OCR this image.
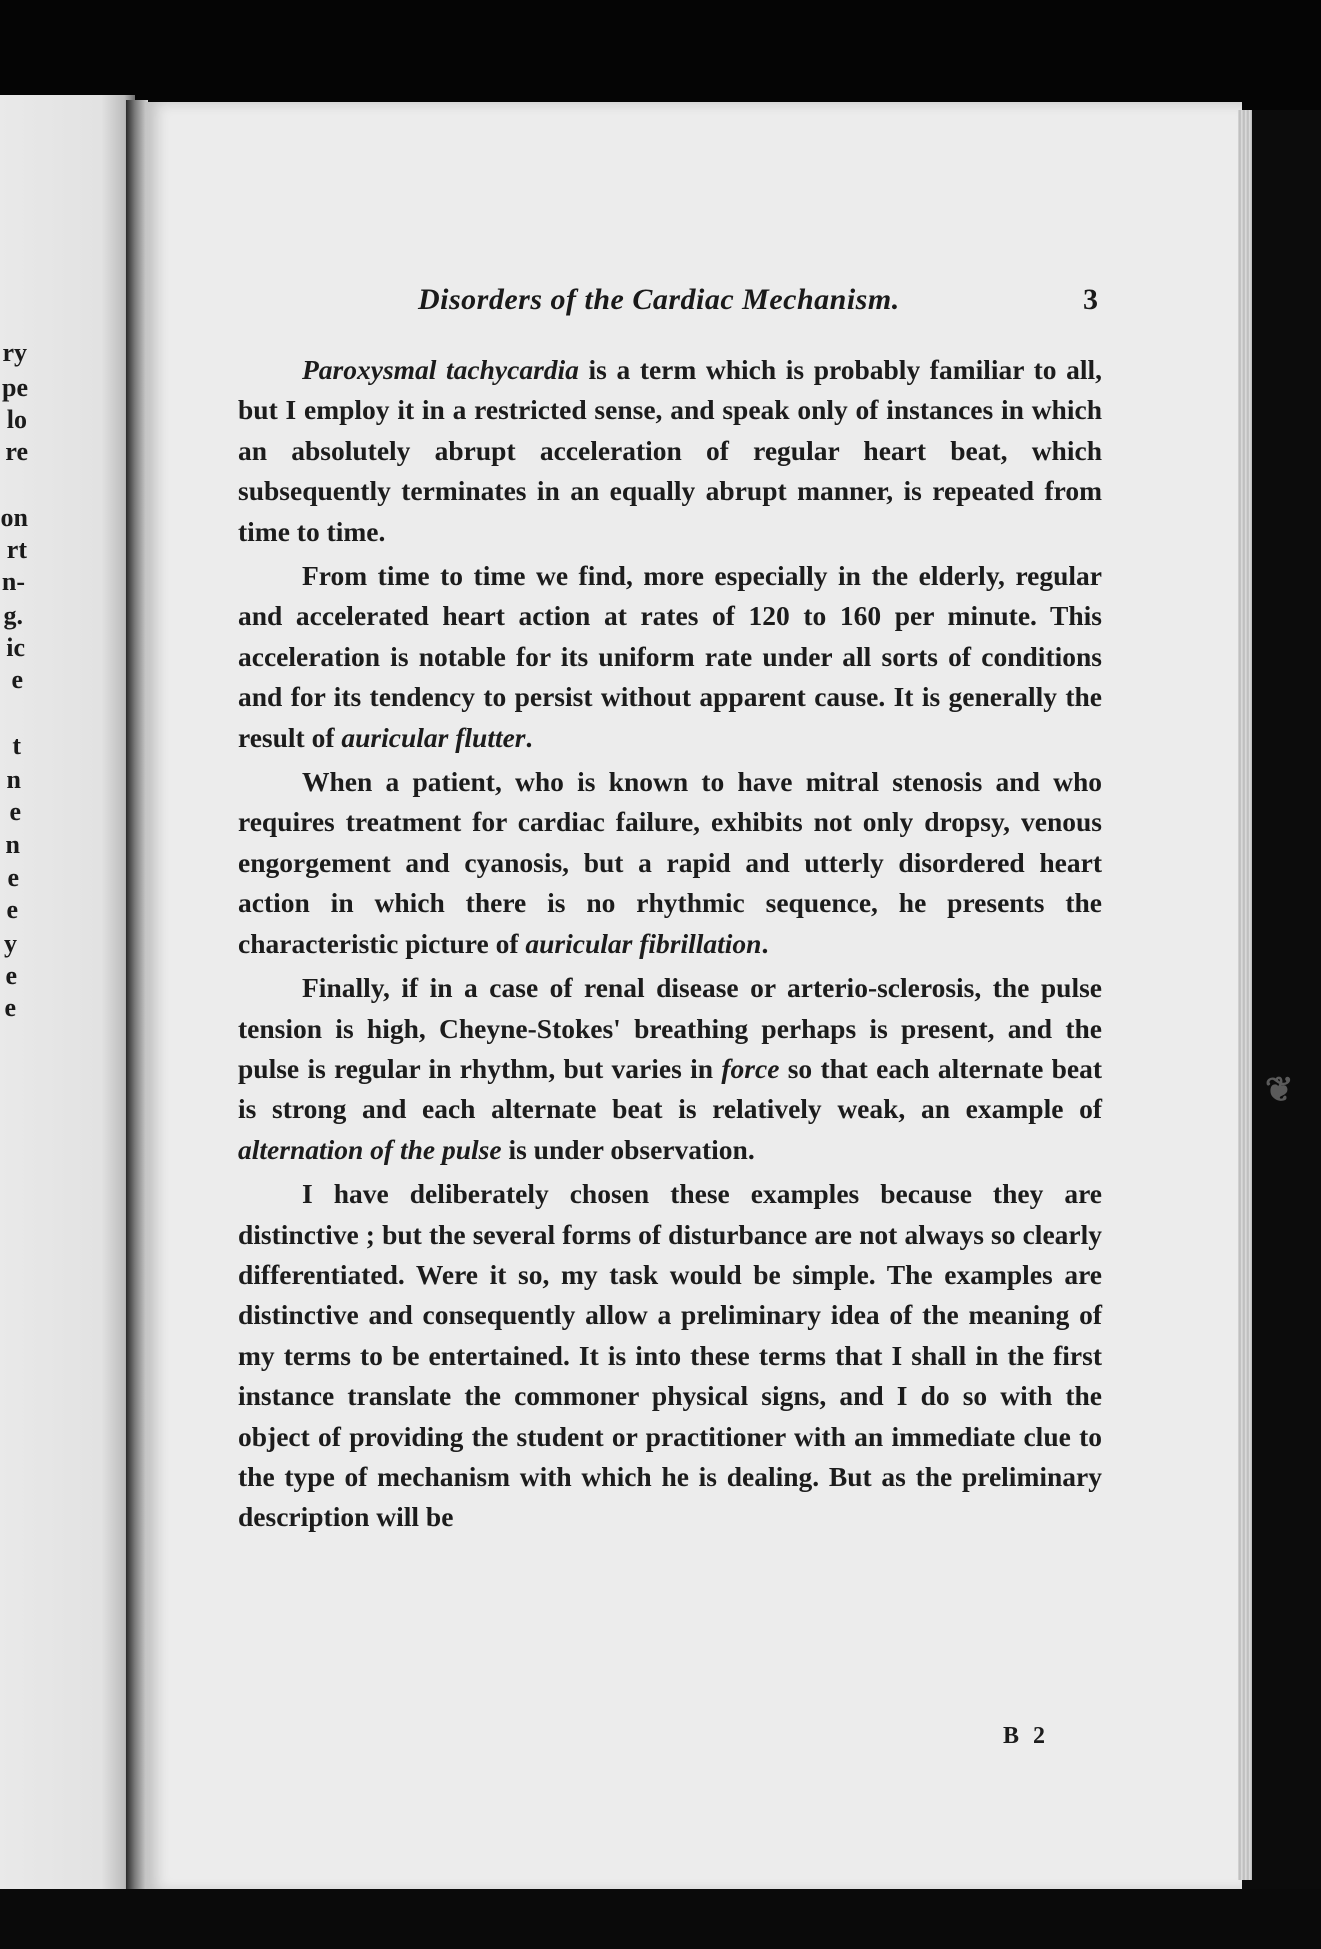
ry
pe
lo
re
on
rt
n-
g.
ic
e
t
n
e
n
e
e
y
e
e
Disorders of the Cardiac Mechanism.	3

Paroxysmal tachycardia is a term which is probably familiar to all, but I employ it in a restricted sense, and speak only of instances in which an absolutely abrupt acceleration of regular heart beat, which subsequently terminates in an equally abrupt manner, is repeated from time to time.

From time to time we find, more especially in the elderly, regular and accelerated heart action at rates of 120 to 160 per minute. This acceleration is notable for its uniform rate under all sorts of conditions and for its tendency to persist without apparent cause. It is generally the result of auricular flutter.

When a patient, who is known to have mitral stenosis and who requires treatment for cardiac failure, exhibits not only dropsy, venous engorgement and cyanosis, but a rapid and utterly disordered heart action in which there is no rhythmic sequence, he presents the characteristic picture of auricular fibrillation.

Finally, if in a case of renal disease or arterio-sclerosis, the pulse tension is high, Cheyne-Stokes' breathing perhaps is present, and the pulse is regular in rhythm, but varies in force so that each alternate beat is strong and each alternate beat is relatively weak, an example of alternation of the pulse is under observation.

I have deliberately chosen these examples because they are distinctive ; but the several forms of disturbance are not always so clearly differentiated. Were it so, my task would be simple. The examples are distinctive and consequently allow a preliminary idea of the meaning of my terms to be entertained. It is into these terms that I shall in the first instance translate the commoner physical signs, and I do so with the object of providing the student or practitioner with an immediate clue to the type of mechanism with which he is dealing. But as the preliminary description will be

B 2
❦
